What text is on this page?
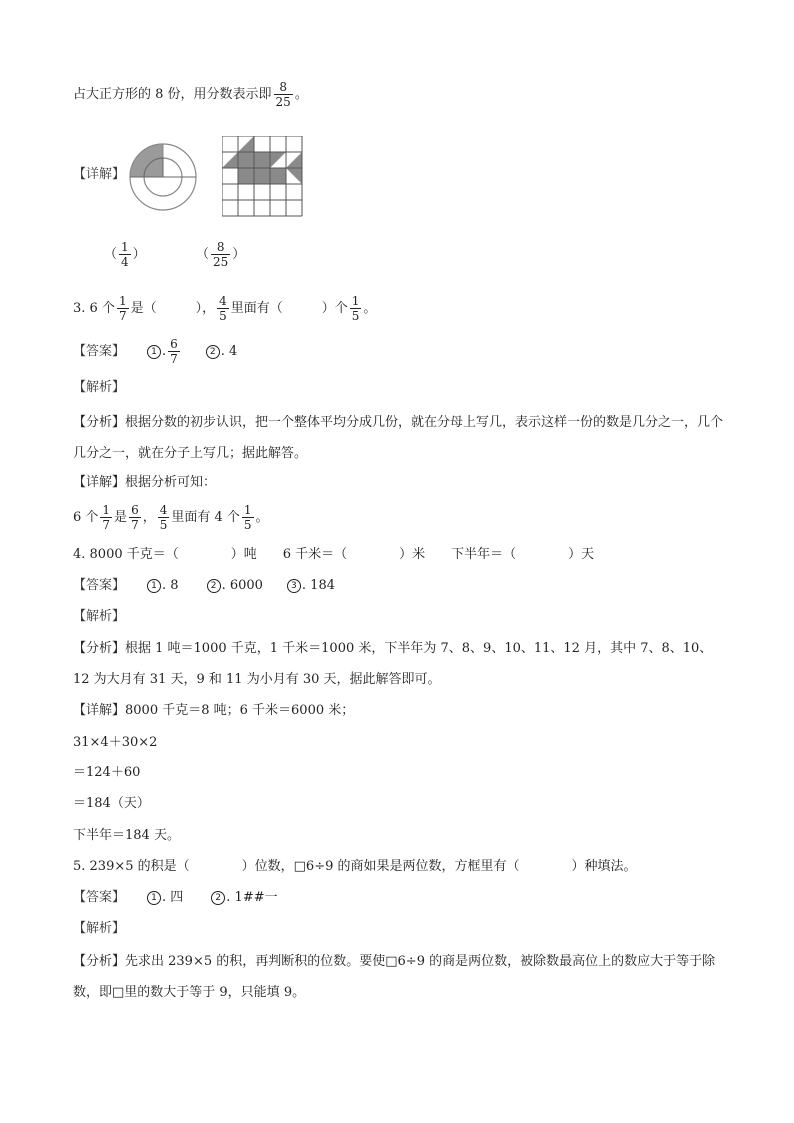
占大正方形的 8 份，用分数表示即 $\frac{8}{25}$ 。
【详解】
（ $\frac{1}{4}$ ）	（ $\frac{8}{25}$ ）
3. 6 个 $\frac{1}{7}$ 是（　　　）， $\frac{4}{5}$ 里面有（　　　）个 $\frac{1}{5}$ 。
【答案】	1 . $\frac{6}{7}$	2 . 4
【解析】
【分析】根据分数的初步认识，把一个整体平均分成几份，就在分母上写几，表示这样一份的数是几分之一，几个几分之一，就在分子上写几；据此解答。
【详解】根据分析可知：
6 个 $\frac{1}{7}$ 是 $\frac{6}{7}$ ， $\frac{4}{5}$ 里面有 4 个 $\frac{1}{5}$ 。
4. 8000 千克＝（　　　　）吨　　6 千米＝（　　　　）米　　下半年＝（　　　　）天
【答案】	1 . 8	2 . 6000	3 . 184
【解析】
【分析】根据 1 吨＝1000 千克，1 千米＝1000 米，下半年为 7、8、9、10、11、12 月，其中 7、8、10、12 为大月有 31 天，9 和 11 为小月有 30 天，据此解答即可。
【详解】8000 千克＝8 吨；6 千米＝6000 米；
31×4＋30×2
＝124＋60
＝184（天）
下半年＝184 天。
5. 239×5 的积是（　　　　）位数，□6÷9 的商如果是两位数，方框里有（　　　　）种填法。
【答案】	1 . 四	2 . 1##一
【解析】
【分析】先求出 239×5 的积，再判断积的位数。要使□6÷9 的商是两位数，被除数最高位上的数应大于等于除数，即□里的数大于等于 9，只能填 9。
